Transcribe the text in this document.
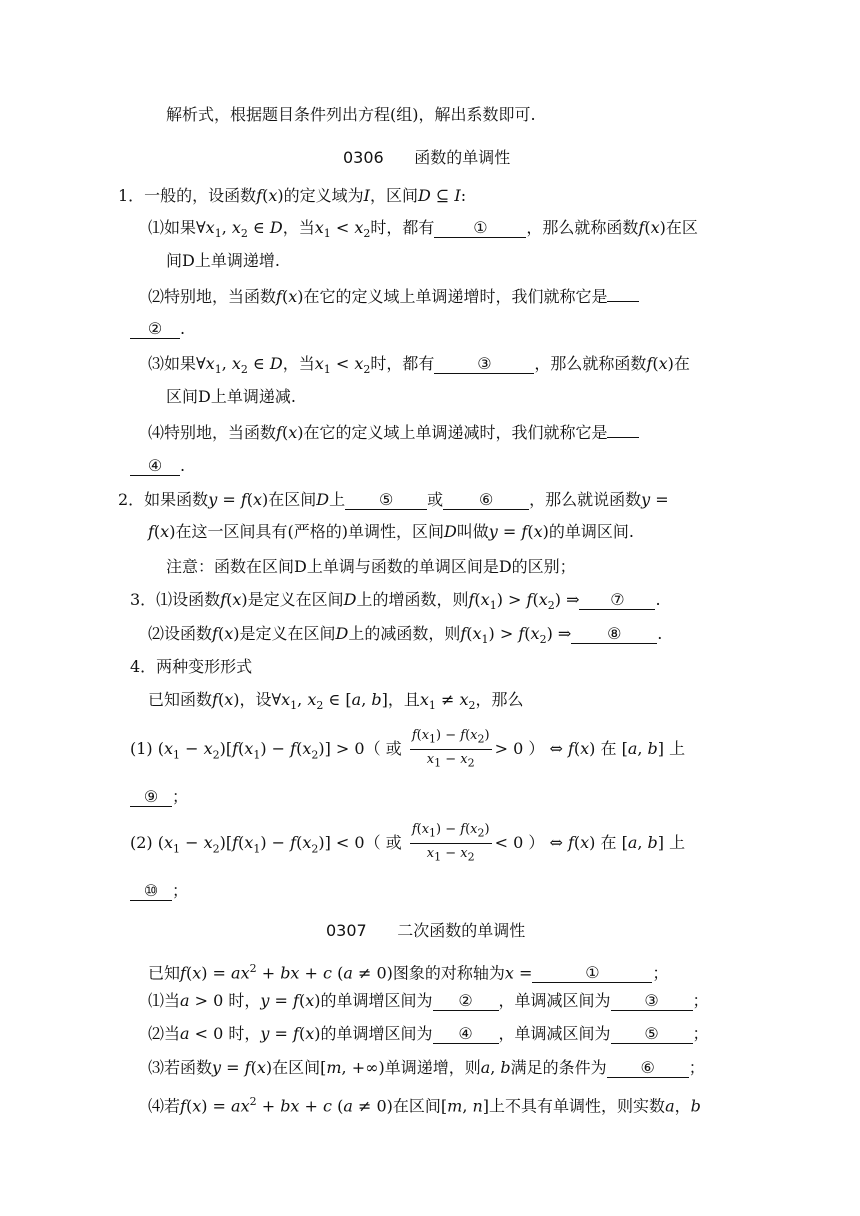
解析式，根据题目条件列出方程(组)，解出系数即可.
0306 函数的单调性
1．一般的，设函数f(x)的定义域为I，区间D ⊆ I:
⑴如果$\forall x_1$, $x_2$ ∈ D，当$x_1 < x_2$时，都有 ① ，那么就称函数f(x)在区
间D上单调递增.
⑵特别地，当函数f(x)在它的定义域上单调递增时，我们就称它是
② .
⑶如果$\forall x_1$, $x_2$ ∈ D，当$x_1 < x_2$时，都有	③	，那么就称函数f(x)在
区间D上单调递减.
⑷特别地，当函数f(x)在它的定义域上单调递减时，我们就称它是
④ .
2．如果函数y = f(x)在区间D上 ⑤ 或 ⑥ ，那么就说函数y =
f(x)在这一区间具有(严格的)单调性，区间D叫做y = f(x)的单调区间.
注意：函数在区间D上单调与函数的单调区间是D的区别；
3．⑴设函数f(x)是定义在区间D上的增函数，则$f(x_1) > f(x_2)$ ⇒ ⑦ .
⑵设函数f(x)是定义在区间D上的减函数，则$f(x_1) > f(x_2)$ ⇒ ⑧ .
4．两种变形形式
已知函数f(x)，设$\forall x_1$, $x_2$ ∈ [a, b]，且$x_1 \ne x_2$，那么
(1) $(x_1 - x_2)[f(x_1) - f(x_2)] > 0$（ 或 $\frac{f(x_1) - f(x_2)}{x_1 - x_2} > 0$ ） ⇔ f(x) 在 [a, b] 上
⑨ ；
(2) $(x_1 - x_2)[f(x_1) - f(x_2)] < 0$（ 或 $\frac{f(x_1) - f(x_2)}{x_1 - x_2} < 0$ ） ⇔ f(x) 在 [a, b] 上
⑩ ；
0307 二次函数的单调性
已知$f(x) = ax^2$ + bx + c (a ≠ 0)图象的对称轴为x =	①	；
⑴当a > 0 时，y = f(x)的单调增区间为 ② ，单调减区间为 ③ ；
⑵当a < 0 时，y = f(x)的单调增区间为 ④ ，单调减区间为 ⑤ ；
⑶若函数y = f(x)在区间[m, +∞)单调递增，则a, b满足的条件为 ⑥ ；
⑷若$f(x) = ax^2$ + bx + c (a ≠ 0)在区间[m, n]上不具有单调性，则实数a，b
